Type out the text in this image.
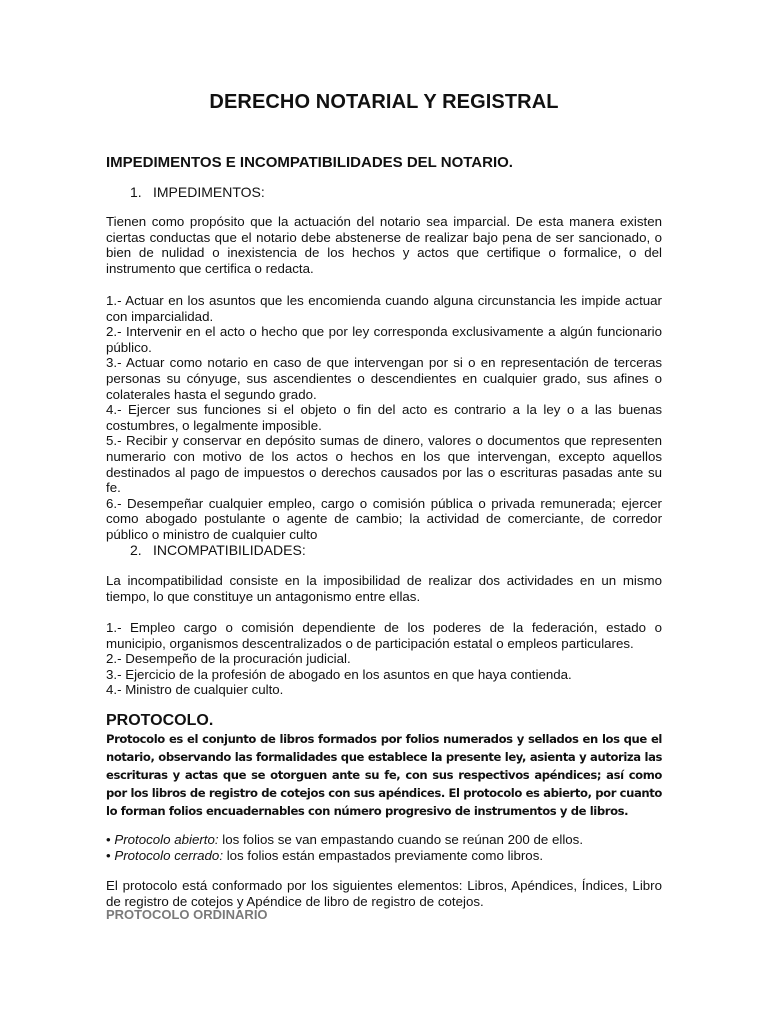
DERECHO NOTARIAL Y REGISTRAL
IMPEDIMENTOS E INCOMPATIBILIDADES DEL NOTARIO.
1. IMPEDIMENTOS:

Tienen como propósito que la actuación del notario sea imparcial. De esta manera existen ciertas conductas que el notario debe abstenerse de realizar bajo pena de ser sancionado, o bien de nulidad o inexistencia de los hechos y actos que certifique o formalice, o del instrumento que certifica o redacta.

1.- Actuar en los asuntos que les encomienda cuando alguna circunstancia les impide actuar con imparcialidad.

2.- Intervenir en el acto o hecho que por ley corresponda exclusivamente a algún funcionario público.

3.- Actuar como notario en caso de que intervengan por si o en representación de terceras personas su cónyuge, sus ascendientes o descendientes en cualquier grado, sus afines o colaterales hasta el segundo grado.

4.- Ejercer sus funciones si el objeto o fin del acto es contrario a la ley o a las buenas costumbres, o legalmente imposible.

5.- Recibir y conservar en depósito sumas de dinero, valores o documentos que representen numerario con motivo de los actos o hechos en los que intervengan, excepto aquellos destinados al pago de impuestos o derechos causados por las o escrituras pasadas ante su fe.

6.- Desempeñar cualquier empleo, cargo o comisión pública o privada remunerada; ejercer como abogado postulante o agente de cambio; la actividad de comerciante, de corredor público o ministro de cualquier culto

2. INCOMPATIBILIDADES:

La incompatibilidad consiste en la imposibilidad de realizar dos actividades en un mismo tiempo, lo que constituye un antagonismo entre ellas.

1.- Empleo cargo o comisión dependiente de los poderes de la federación, estado o municipio, organismos descentralizados o de participación estatal o empleos particulares.

2.- Desempeño de la procuración judicial.

3.- Ejercicio de la profesión de abogado en los asuntos en que haya contienda.

4.- Ministro de cualquier culto.

PROTOCOLO.

Protocolo es el conjunto de libros formados por folios numerados y sellados en los que el notario, observando las formalidades que establece la presente ley, asienta y autoriza las escrituras y actas que se otorguen ante su fe, con sus respectivos apéndices; así como por los libros de registro de cotejos con sus apéndices. El protocolo es abierto, por cuanto lo forman folios encuadernables con número progresivo de instrumentos y de libros.

• Protocolo abierto: los folios se van empastando cuando se reúnan 200 de ellos.

• Protocolo cerrado: los folios están empastados previamente como libros.

El protocolo está conformado por los siguientes elementos: Libros, Apéndices, Índices, Libro de registro de cotejos y Apéndice de libro de registro de cotejos.

PROTOCOLO ORDINARIO
